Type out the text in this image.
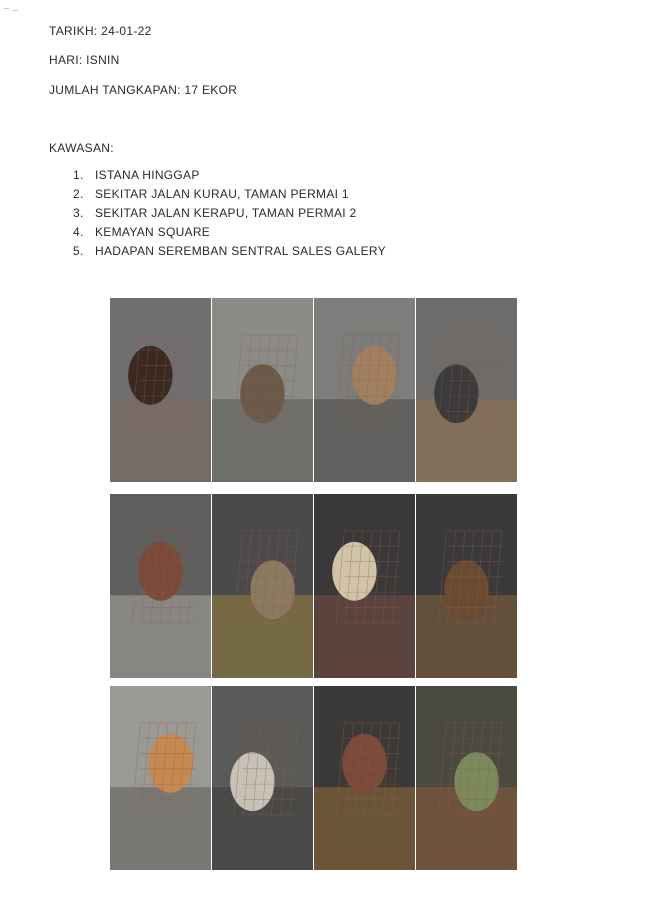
TARIKH: 24-01-22
HARI: ISNIN
JUMLAH TANGKAPAN: 17 EKOR
KAWASAN:
1. ISTANA HINGGAP
2. SEKITAR JALAN KURAU, TAMAN PERMAI 1
3. SEKITAR JALAN KERAPU, TAMAN PERMAI 2
4. KEMAYAN SQUARE
5. HADAPAN SEREMBAN SENTRAL SALES GALERY
